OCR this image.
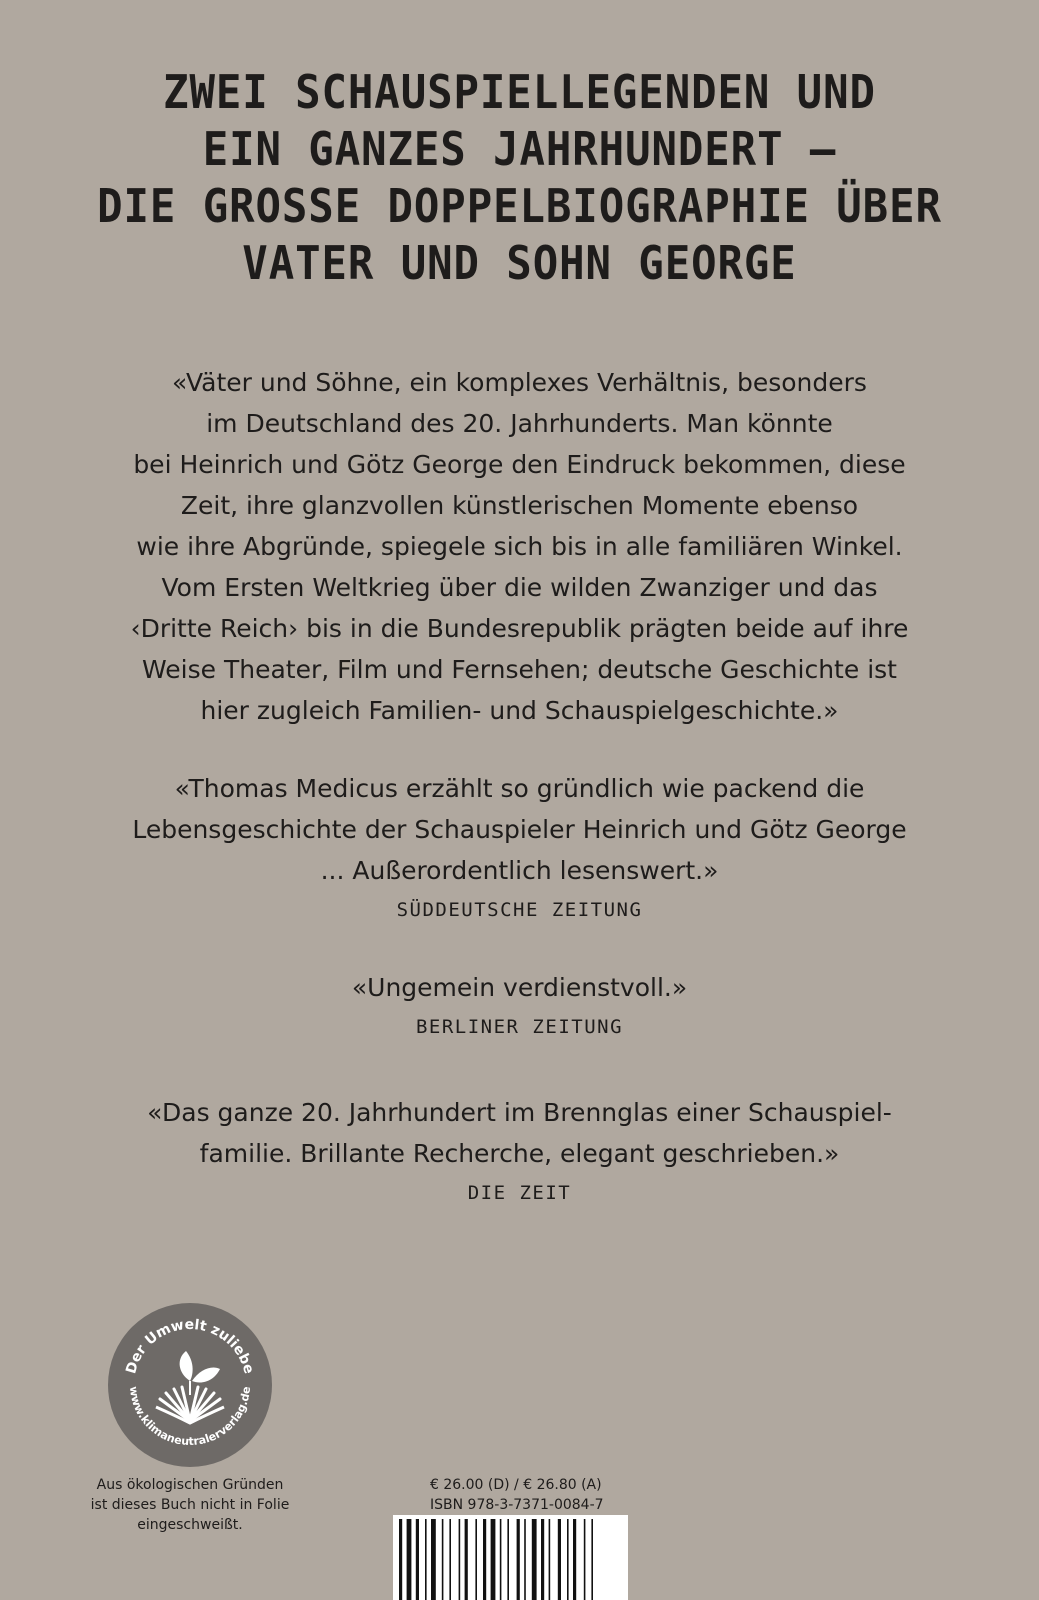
ZWEI SCHAUSPIELLEGENDEN UND
EIN GANZES JAHRHUNDERT –
DIE GROSSE DOPPELBIOGRAPHIE ÜBER
VATER UND SOHN GEORGE
«Väter und Söhne, ein komplexes Verhältnis, besonders
im Deutschland des 20. Jahrhunderts. Man könnte
bei Heinrich und Götz George den Eindruck bekommen, diese
Zeit, ihre glanzvollen künstlerischen Momente ebenso
wie ihre Abgründe, spiegele sich bis in alle familiären Winkel.
Vom Ersten Weltkrieg über die wilden Zwanziger und das
‹Dritte Reich› bis in die Bundesrepublik prägten beide auf ihre
Weise Theater, Film und Fernsehen; deutsche Geschichte ist
hier zugleich Familien- und Schauspielgeschichte.»
«Thomas Medicus erzählt so gründlich wie packend die
Lebensgeschichte der Schauspieler Heinrich und Götz George
... Außerordentlich lesenswert.»
SÜDDEUTSCHE ZEITUNG
«Ungemein verdienstvoll.»
BERLINER ZEITUNG
«Das ganze 20. Jahrhundert im Brennglas einer Schauspiel-
familie. Brillante Recherche, elegant geschrieben.»
DIE ZEIT
Der Umwelt zuliebe
www.klimaneutralerverlag.de
Aus ökologischen Gründen
ist dieses Buch nicht in Folie
eingeschweißt.
€ 26.00 (D) / € 26.80 (A)
ISBN 978-3-7371-0084-7
